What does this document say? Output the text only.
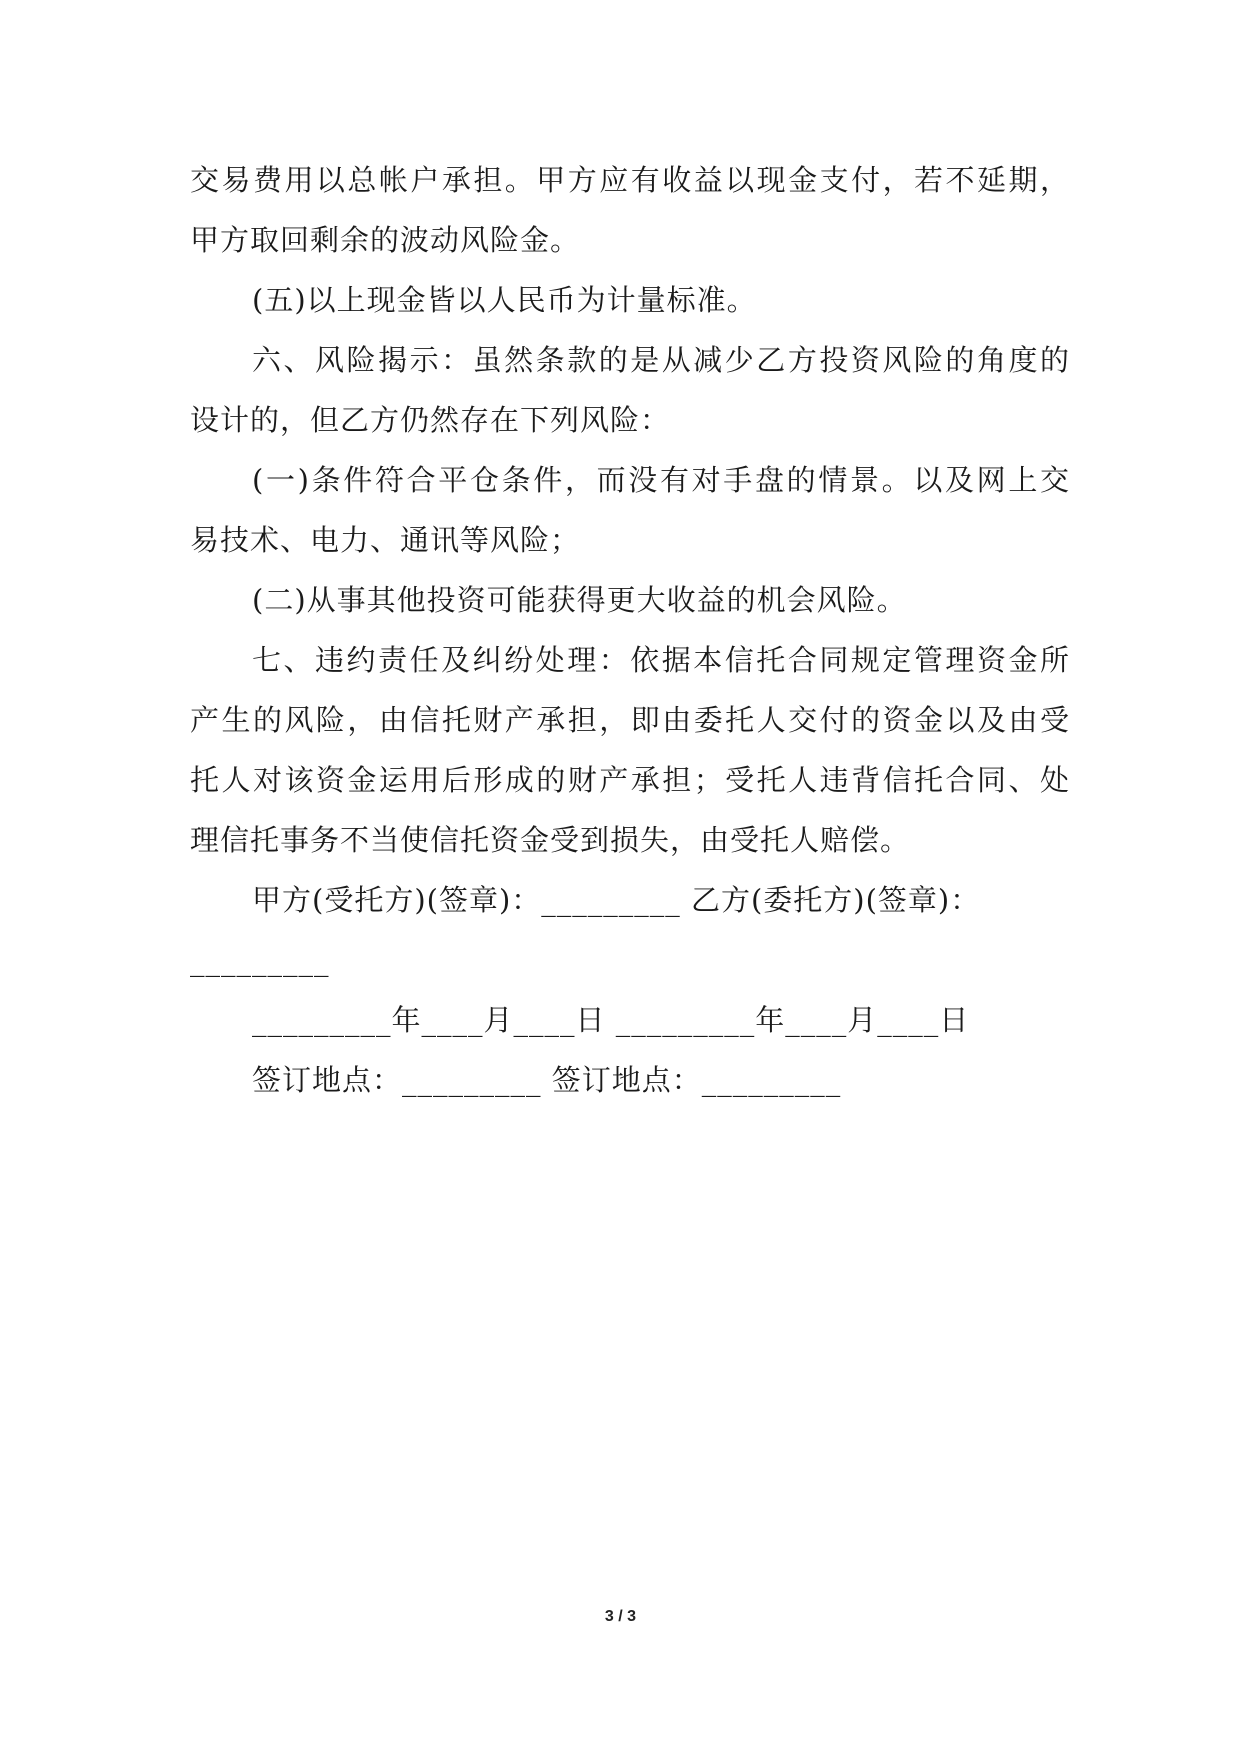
交易费用以总帐户承担。甲方应有收益以现金支付，若不延期，
甲方取回剩余的波动风险金。
(五)以上现金皆以人民币为计量标准。
六、风险揭示：虽然条款的是从减少乙方投资风险的角度的
设计的，但乙方仍然存在下列风险：
(一)条件符合平仓条件，而没有对手盘的情景。以及网上交
易技术、电力、通讯等风险；
(二)从事其他投资可能获得更大收益的机会风险。
七、违约责任及纠纷处理：依据本信托合同规定管理资金所
产生的风险，由信托财产承担，即由委托人交付的资金以及由受
托人对该资金运用后形成的财产承担；受托人违背信托合同、处
理信托事务不当使信托资金受到损失，由受托人赔偿。
甲方(受托方)(签章)：_________ 乙方(委托方)(签章)：
_________
_________年____月____日 _________年____月____日
签订地点：_________ 签订地点：_________
3 / 3
